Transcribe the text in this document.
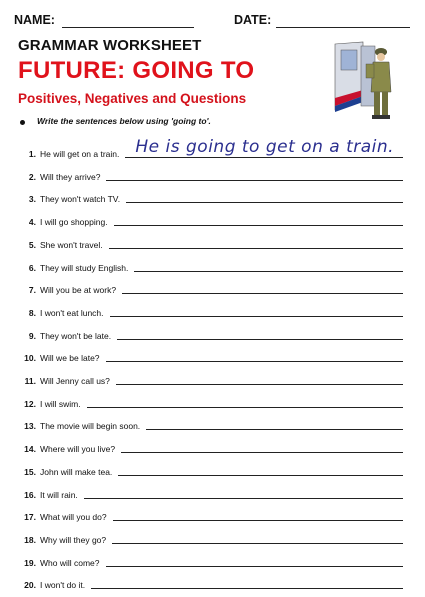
NAME:	DATE:
GRAMMAR WORKSHEET
FUTURE: GOING TO
Positives, Negatives and Questions
Write the sentences below using 'going to'.
1. He will get on a train. He is going to get on a train.
2. Will they arrive?
3. They won't watch TV.
4. I will go shopping.
5. She won't travel.
6. They will study English.
7. Will you be at work?
8. I won't eat lunch.
9. They won't be late.
10. Will we be late?
11. Will Jenny call us?
12. I will swim.
13. The movie will begin soon.
14. Where will you live?
15. John will make tea.
16. It will rain.
17. What will you do?
18. Why will they go?
19. Who will come?
20. I won't do it.
